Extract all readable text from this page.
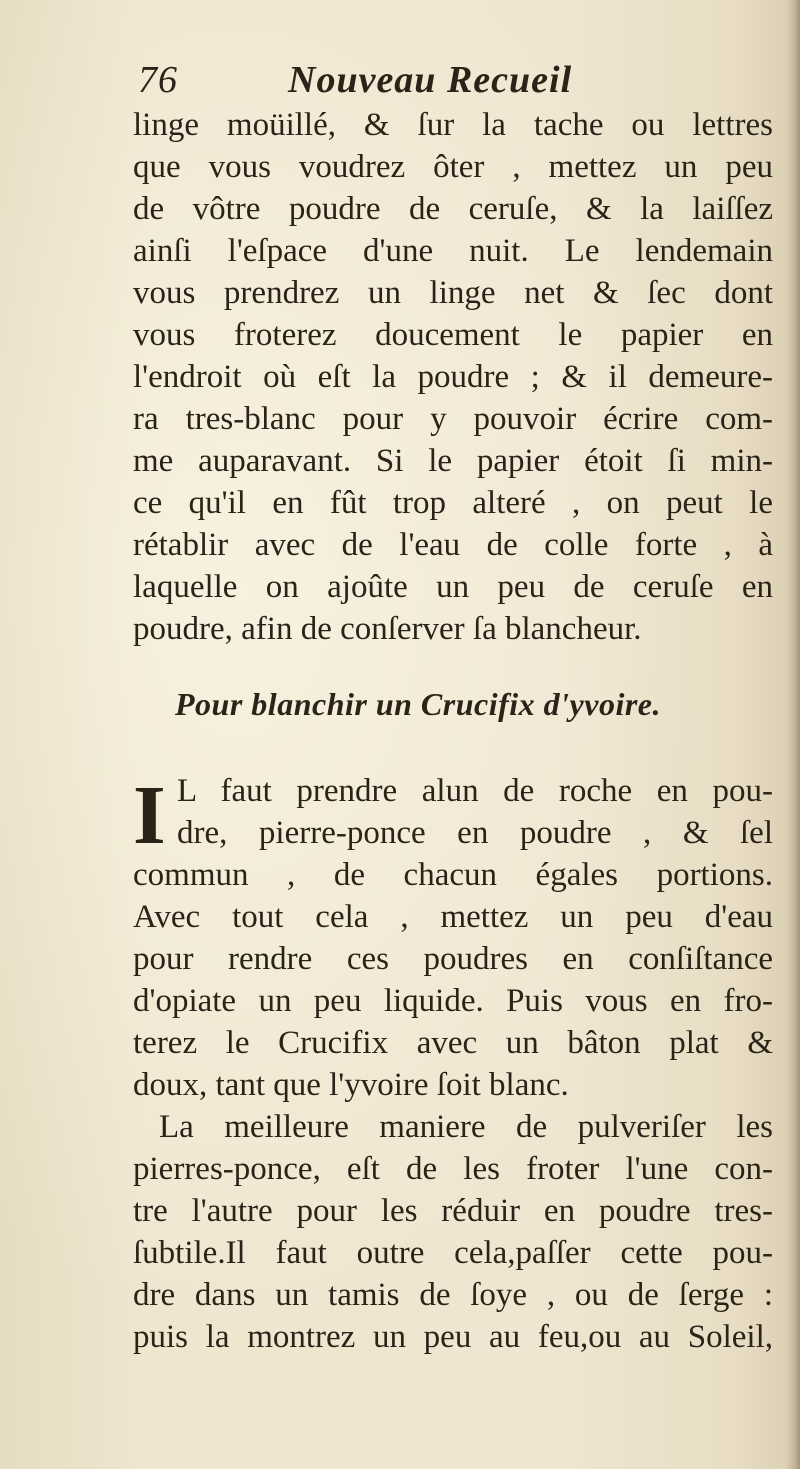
76	Nouveau Recueil
linge moüillé, & ſur la tache ou lettres
que vous voudrez ôter , mettez un peu
de vôtre poudre de ceruſe, & la laiſſez
ainſi l'eſpace d'une nuit. Le lendemain
vous prendrez un linge net & ſec dont
vous froterez doucement le papier en
l'endroit où eſt la poudre ; & il demeure-
ra tres-blanc pour y pouvoir écrire com-
me auparavant. Si le papier étoit ſi min-
ce qu'il en fût trop alteré , on peut le
rétablir avec de l'eau de colle forte , à
laquelle on ajoûte un peu de ceruſe en
poudre, afin de conſerver ſa blancheur.
Pour blanchir un Crucifix d'yvoire.
I L faut prendre alun de roche en pou-
dre, pierre-ponce en poudre , & ſel
commun , de chacun égales portions.
Avec tout cela , mettez un peu d'eau
pour rendre ces poudres en conſiſtance
d'opiate un peu liquide. Puis vous en fro-
terez le Crucifix avec un bâton plat &
doux, tant que l'yvoire ſoit blanc.
La meilleure maniere de pulveriſer les
pierres-ponce, eſt de les froter l'une con-
tre l'autre pour les réduir en poudre tres-
ſubtile.Il faut outre cela,paſſer cette pou-
dre dans un tamis de ſoye , ou de ſerge :
puis la montrez un peu au feu,ou au Soleil,
